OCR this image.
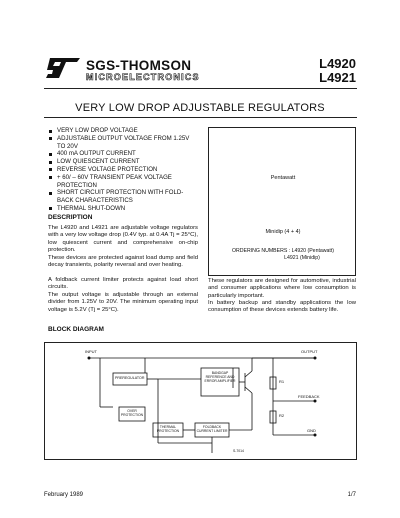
SGS-THOMSON
MICROELECTRONICS
L4920
L4921
VERY LOW DROP ADJUSTABLE REGULATORS
VERY LOW DROP VOLTAGE
ADJUSTABLE OUTPUT VOLTAGE FROM 1.25V TO 20V
400 mA OUTPUT CURRENT
LOW QUIESCENT CURRENT
REVERSE VOLTAGE PROTECTION
+ 60/ – 60V TRANSIENT PEAK VOLTAGE PROTECTION
SHORT CIRCUIT PROTECTION WITH FOLD-BACK CHARACTERISTICS
THERMAL SHUT-DOWN
DESCRIPTION

The L4920 and L4921 are adjustable voltage regulators with a very low voltage drop (0.4V typ. at 0.4A Tj = 25°C), low quiescent current and comprehensive on-chip protection.

These devices are protected against load dump and field decay transients, polarity reversal and over heating.

A foldback current limiter protects against load short circuits.

The output voltage is adjustable through an external divider from 1.25V to 20V. The minimum operating input voltage is 5.2V (Tj = 25°C).

Pentawatt
Minidip (4 + 4)
ORDERING NUMBERS : L4920 (Pentawatt)
L4921 (Minidip)

These regulators are designed for automotive, industrial and consumer applications where low consumption is particularly important.

In battery backup and standby applications the low consumption of these devices extends battery life.

BLOCK DIAGRAM
INPUT	OUTPUT
PREREGULATOR
BANDGAP REFERENCE AND ERROR AMPLIFIER
OVER PROTECTION
THERMAL PROTECTION
FOLDBACK CURRENT LIMITER
R1
R2
FEEDBACK
GND
S-7014
February 1989	1/7
